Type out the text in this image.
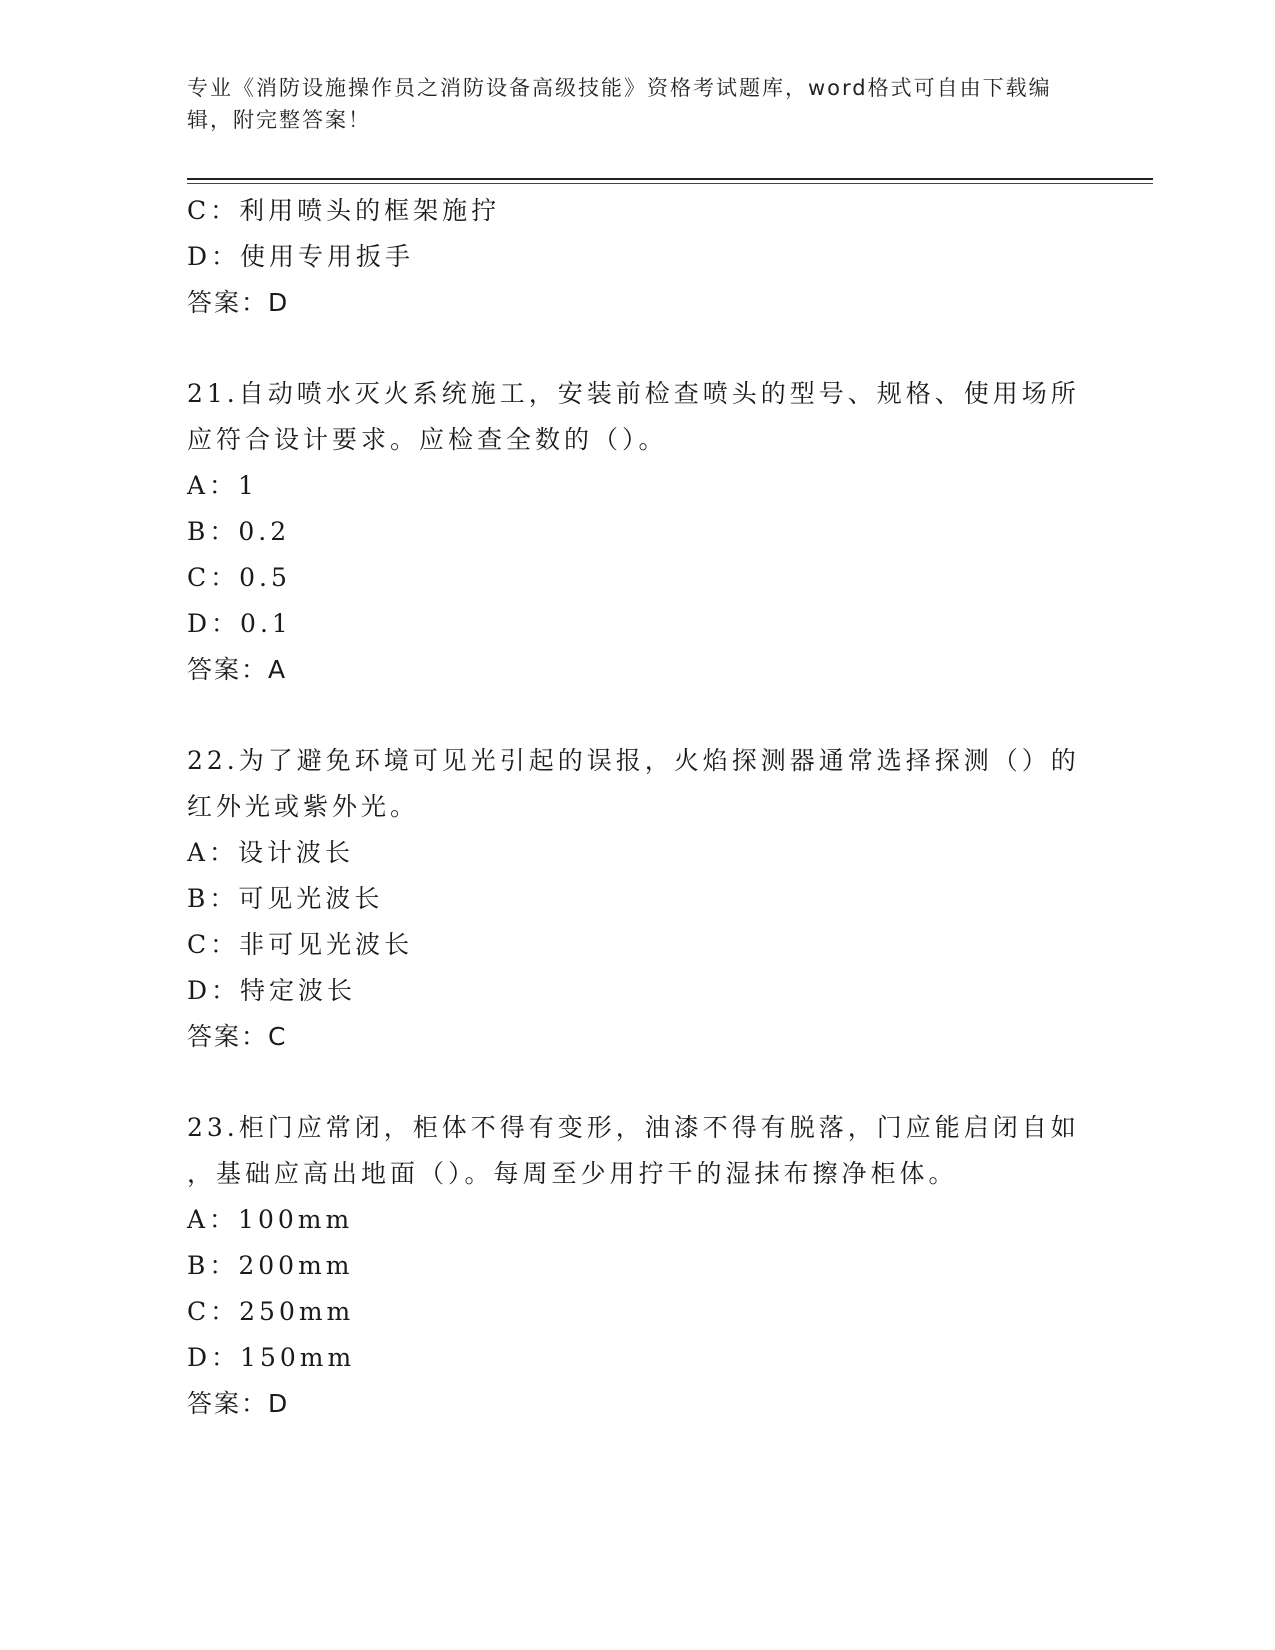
专业《消防设施操作员之消防设备高级技能》资格考试题库，word格式可自由下载编辑，附完整答案！
C：利用喷头的框架施拧
D：使用专用扳手
答案：D
21.自动喷水灭火系统施工，安装前检查喷头的型号、规格、使用场所
应符合设计要求。应检查全数的（）。
A：1
B：0.2
C：0.5
D：0.1
答案：A
22.为了避免环境可见光引起的误报，火焰探测器通常选择探测（）的
红外光或紫外光。
A：设计波长
B：可见光波长
C：非可见光波长
D：特定波长
答案：C
23.柜门应常闭，柜体不得有变形，油漆不得有脱落，门应能启闭自如
，基础应高出地面（）。每周至少用拧干的湿抹布擦净柜体。
A：100mm
B：200mm
C：250mm
D：150mm
答案：D
